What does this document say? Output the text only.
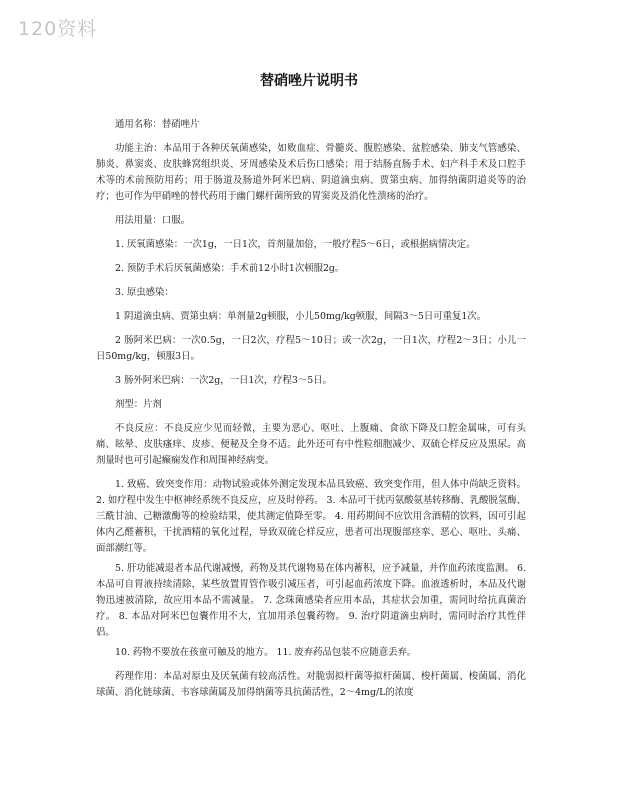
120资料
替硝唑片说明书

通用名称：替硝唑片

功能主治：本品用于各种厌氧菌感染，如败血症、骨髓炎、腹腔感染、盆腔感染、肺支气管感染、肺炎、鼻窦炎、皮肤蜂窝组织炎、牙周感染及术后伤口感染；用于结肠直肠手术、妇产科手术及口腔手术等的术前预防用药；用于肠道及肠道外阿米巴病、阴道滴虫病、贾第虫病、加得纳菌阴道炎等的治疗；也可作为甲硝唑的替代药用于幽门螺杆菌所致的胃窦炎及消化性溃疡的治疗。

用法用量：口服。

1. 厌氧菌感染：一次1g，一日1次，首剂量加倍，一般疗程5～6日，或根据病情决定。

2. 预防手术后厌氧菌感染：手术前12小时1次顿服2g。

3. 原虫感染：

1 阴道滴虫病、贾第虫病：单剂量2g顿服，小儿50mg/kg顿服，间隔3～5日可重复1次。

2 肠阿米巴病：一次0.5g，一日2次，疗程5～10日；或一次2g，一日1次，疗程2～3日；小儿一日50mg/kg，顿服3日。

3 肠外阿米巴病：一次2g，一日1次，疗程3～5日。

剂型：片剂

不良反应：不良反应少见而轻微，主要为恶心、呕吐、上腹痛、食欲下降及口腔金属味，可有头痛、眩晕、皮肤瘙痒、皮疹、便秘及全身不适。此外还可有中性粒细胞减少、双硫仑样反应及黑尿。高剂量时也可引起癫痫发作和周围神经病变。

1. 致癌、致突变作用：动物试验或体外测定发现本品具致癌、致突变作用，但人体中尚缺乏资料。 2. 如疗程中发生中枢神经系统不良反应，应及时停药。 3. 本品可干扰丙氨酸氨基转移酶、乳酸脱氢酶、三酰甘油、己糖激酶等的检验结果，使其测定值降至零。 4. 用药期间不应饮用含酒精的饮料，因可引起体内乙醛蓄积，干扰酒精的氧化过程，导致双硫仑样反应，患者可出现腹部痉挛、恶心、呕吐、头痛、面部潮红等。

5. 肝功能减退者本品代谢减慢，药物及其代谢物易在体内蓄积，应予减量，并作血药浓度监测。 6. 本品可自胃液持续清除，某些放置胃管作吸引减压者，可引起血药浓度下降。血液透析时，本品及代谢物迅速被清除，故应用本品不需减量。 7. 念珠菌感染者应用本品，其症状会加重，需同时给抗真菌治疗。 8. 本品对阿米巴包囊作用不大，宜加用杀包囊药物。 9. 治疗阴道滴虫病时，需同时治疗其性伴侣。

10. 药物不要放在孩童可触及的地方。 11. 废弃药品包装不应随意丢弃。

药理作用：本品对原虫及厌氧菌有较高活性。对脆弱拟杆菌等拟杆菌属、梭杆菌属、梭菌属、消化球菌、消化链球菌、韦容球菌属及加得纳菌等具抗菌活性，2～4mg/L的浓度
